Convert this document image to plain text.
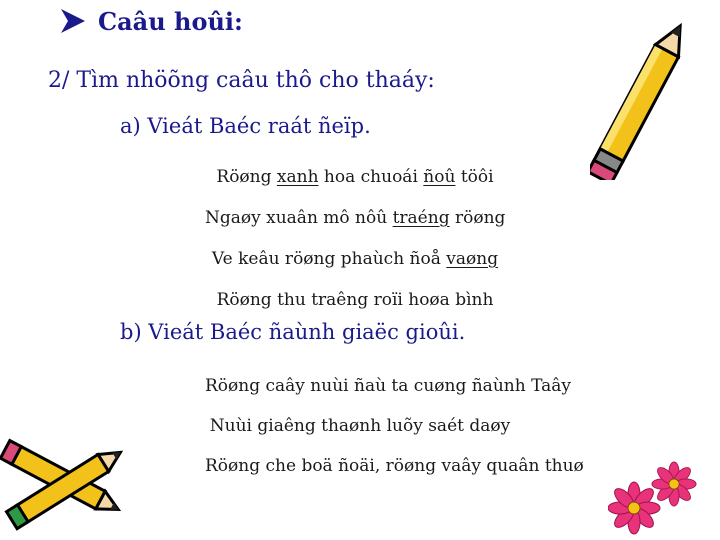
Caâu hoûi:
2/ Tìm nhöõng caâu thô cho thaáy:
a) Vieát Baéc raát ñeïp.
Röøng xanh hoa chuoái ñoû töôi
Ngaøy xuaân mô nôû traéng röøng
Ve keâu röøng phaùch ñoå vaøng
Röøng thu traêng roïi hoøa bình
b) Vieát Baéc ñaùnh giaëc gioûi.
Röøng caây nuùi ñaù ta cuøng ñaùnh Taây
Nuùi giaêng thaønh luõy saét daøy
Röøng che boä ñoäi, röøng vaây quaân thuø
